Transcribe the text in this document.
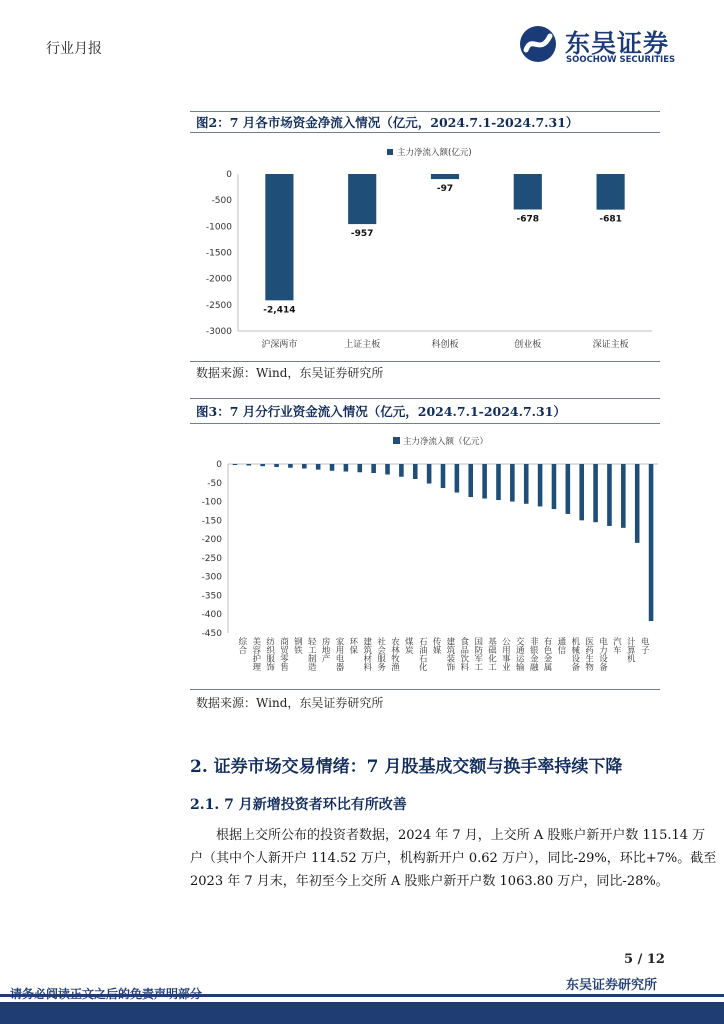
行业月报	东吴证券
SOOCHOW SECURITIES
图2：7 月各市场资金净流入情况（亿元，2024.7.1-2024.7.31）
主力净流入额(亿元)
0
-500
-1000
-1500
-2000
-2500
-3000
-2,414
沪深两市
-957
上证主板
-97
科创板
-678
创业板
-681
深证主板
数据来源：Wind，东吴证券研究所
图3：7 月分行业资金流入情况（亿元，2024.7.1-2024.7.31）
主力净流入额（亿元）
0
-50
-100
-150
-200
-250
-300
-350
-400
-450
综合 美容护理 纺织服饰 商贸零售 钢铁 轻工制造 房地产 家用电器 环保 建筑材料 社会服务 农林牧渔 煤炭 石油石化 传媒 建筑装饰 食品饮料 国防军工 基础化工 公用事业 交通运输 非银金融 有色金属 通信 机械设备 医药生物 电力设备 汽车 计算机 电子
数据来源：Wind，东吴证券研究所
2. 证券市场交易情绪：7 月股基成交额与换手率持续下降
2.1. 7 月新增投资者环比有所改善
根据上交所公布的投资者数据，2024 年 7 月，上交所 A 股账户新开户数 115.14 万
户（其中个人新开户 114.52 万户，机构新开户 0.62 万户），同比-29%，环比+7%。截至
2023 年 7 月末，年初至今上交所 A 股账户新开户数 1063.80 万户，同比-28%。
5 / 12
东吴证券研究所
